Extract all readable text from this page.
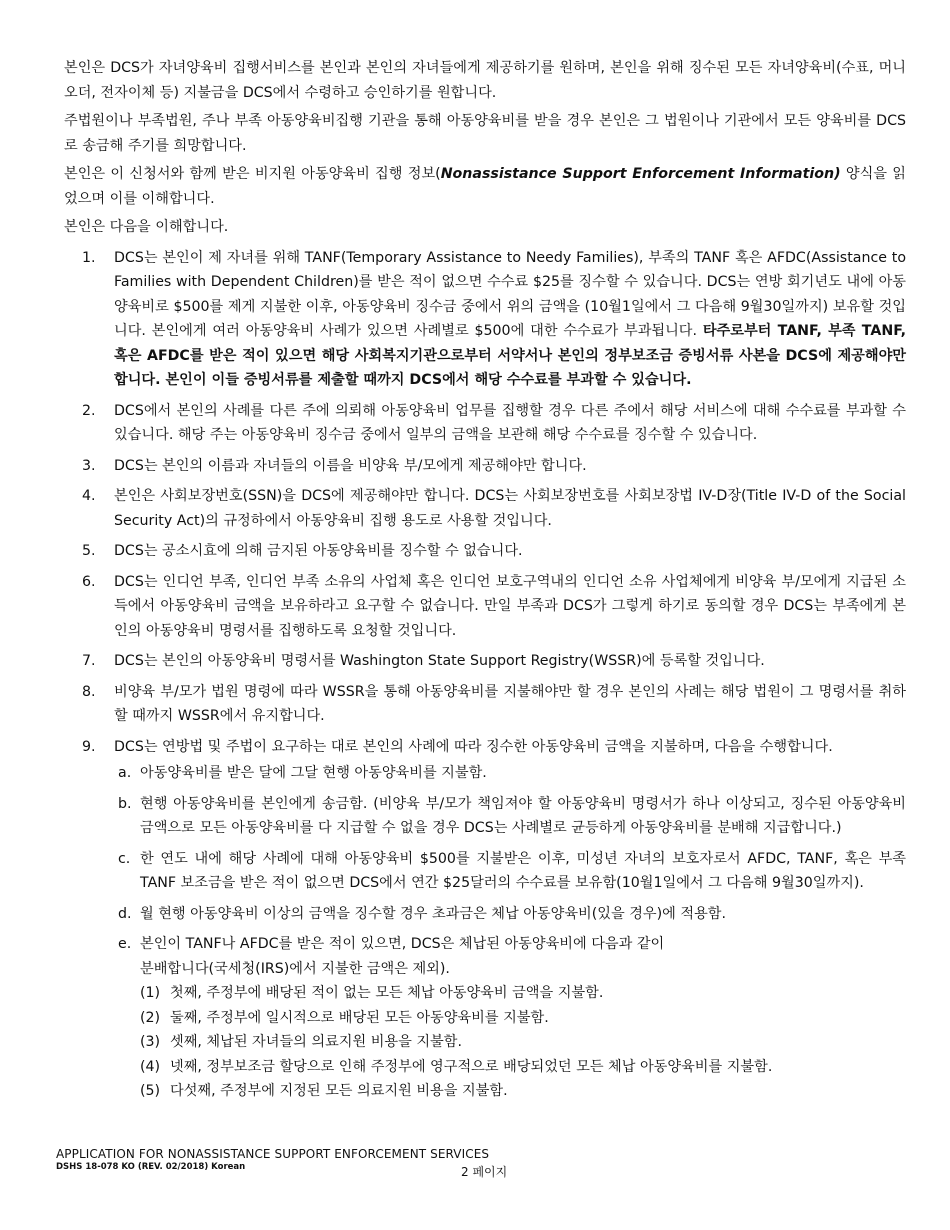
본인은 DCS가 자녀양육비 집행서비스를 본인과 본인의 자녀들에게 제공하기를 원하며, 본인을 위해 징수된 모든 자녀양육비(수표, 머니오더, 전자이체 등) 지불금을 DCS에서 수령하고 승인하기를 원합니다.

주법원이나 부족법원, 주나 부족 아동양육비집행 기관을 통해 아동양육비를 받을 경우 본인은 그 법원이나 기관에서 모든 양육비를 DCS로 송금해 주기를 희망합니다.

본인은 이 신청서와 함께 받은 비지원 아동양육비 집행 정보(Nonassistance Support Enforcement Information) 양식을 읽었으며 이를 이해합니다.

본인은 다음을 이해합니다.

1. DCS는 본인이 제 자녀를 위해 TANF(Temporary Assistance to Needy Families), 부족의 TANF 혹은 AFDC(Assistance to Families with Dependent Children)를 받은 적이 없으면 수수료 $25를 징수할 수 있습니다. DCS는 연방 회기년도 내에 아동양육비로 $500를 제게 지불한 이후, 아동양육비 징수금 중에서 위의 금액을 (10월1일에서 그 다음해 9월30일까지) 보유할 것입니다. 본인에게 여러 아동양육비 사례가 있으면 사례별로 $500에 대한 수수료가 부과됩니다. 타주로부터 TANF, 부족 TANF, 혹은 AFDC를 받은 적이 있으면 해당 사회복지기관으로부터 서약서나 본인의 정부보조금 증빙서류 사본을 DCS에 제공해야만 합니다. 본인이 이들 증빙서류를 제출할 때까지 DCS에서 해당 수수료를 부과할 수 있습니다.
2. DCS에서 본인의 사례를 다른 주에 의뢰해 아동양육비 업무를 집행할 경우 다른 주에서 해당 서비스에 대해 수수료를 부과할 수 있습니다. 해당 주는 아동양육비 징수금 중에서 일부의 금액을 보관해 해당 수수료를 징수할 수 있습니다.
3. DCS는 본인의 이름과 자녀들의 이름을 비양육 부/모에게 제공해야만 합니다.
4. 본인은 사회보장번호(SSN)을 DCS에 제공해야만 합니다. DCS는 사회보장번호를 사회보장법 IV-D장(Title IV-D of the Social Security Act)의 규정하에서 아동양육비 집행 용도로 사용할 것입니다.
5. DCS는 공소시효에 의해 금지된 아동양육비를 징수할 수 없습니다.
6. DCS는 인디언 부족, 인디언 부족 소유의 사업체 혹은 인디언 보호구역내의 인디언 소유 사업체에게 비양육 부/모에게 지급된 소득에서 아동양육비 금액을 보유하라고 요구할 수 없습니다. 만일 부족과 DCS가 그렇게 하기로 동의할 경우 DCS는 부족에게 본인의 아동양육비 명령서를 집행하도록 요청할 것입니다.
7. DCS는 본인의 아동양육비 명령서를 Washington State Support Registry(WSSR)에 등록할 것입니다.
8. 비양육 부/모가 법원 명령에 따라 WSSR을 통해 아동양육비를 지불해야만 할 경우 본인의 사례는 해당 법원이 그 명령서를 취하할 때까지 WSSR에서 유지합니다.
9. DCS는 연방법 및 주법이 요구하는 대로 본인의 사례에 따라 징수한 아동양육비 금액을 지불하며, 다음을 수행합니다.
a. 아동양육비를 받은 달에 그달 현행 아동양육비를 지불함.
b. 현행 아동양육비를 본인에게 송금함. (비양육 부/모가 책임져야 할 아동양육비 명령서가 하나 이상되고, 징수된 아동양육비 금액으로 모든 아동양육비를 다 지급할 수 없을 경우 DCS는 사례별로 균등하게 아동양육비를 분배해 지급합니다.)
c. 한 연도 내에 해당 사례에 대해 아동양육비 $500를 지불받은 이후, 미성년 자녀의 보호자로서 AFDC, TANF, 혹은 부족 TANF 보조금을 받은 적이 없으면 DCS에서 연간 $25달러의 수수료를 보유함(10월1일에서 그 다음해 9월30일까지).
d. 월 현행 아동양육비 이상의 금액을 징수할 경우 초과금은 체납 아동양육비(있을 경우)에 적용함.
e. 본인이 TANF나 AFDC를 받은 적이 있으면, DCS은 체납된 아동양육비에 다음과 같이
분배합니다(국세청(IRS)에서 지불한 금액은 제외).
(1) 첫째, 주정부에 배당된 적이 없는 모든 체납 아동양육비 금액을 지불함.
(2) 둘째, 주정부에 일시적으로 배당된 모든 아동양육비를 지불함.
(3) 셋째, 체납된 자녀들의 의료지원 비용을 지불함.
(4) 넷째, 정부보조금 할당으로 인해 주정부에 영구적으로 배당되었던 모든 체납 아동양육비를 지불함.
(5) 다섯째, 주정부에 지정된 모든 의료지원 비용을 지불함.
APPLICATION FOR NONASSISTANCE SUPPORT ENFORCEMENT SERVICES
DSHS 18-078 KO (REV. 02/2018) Korean	2 페이지
